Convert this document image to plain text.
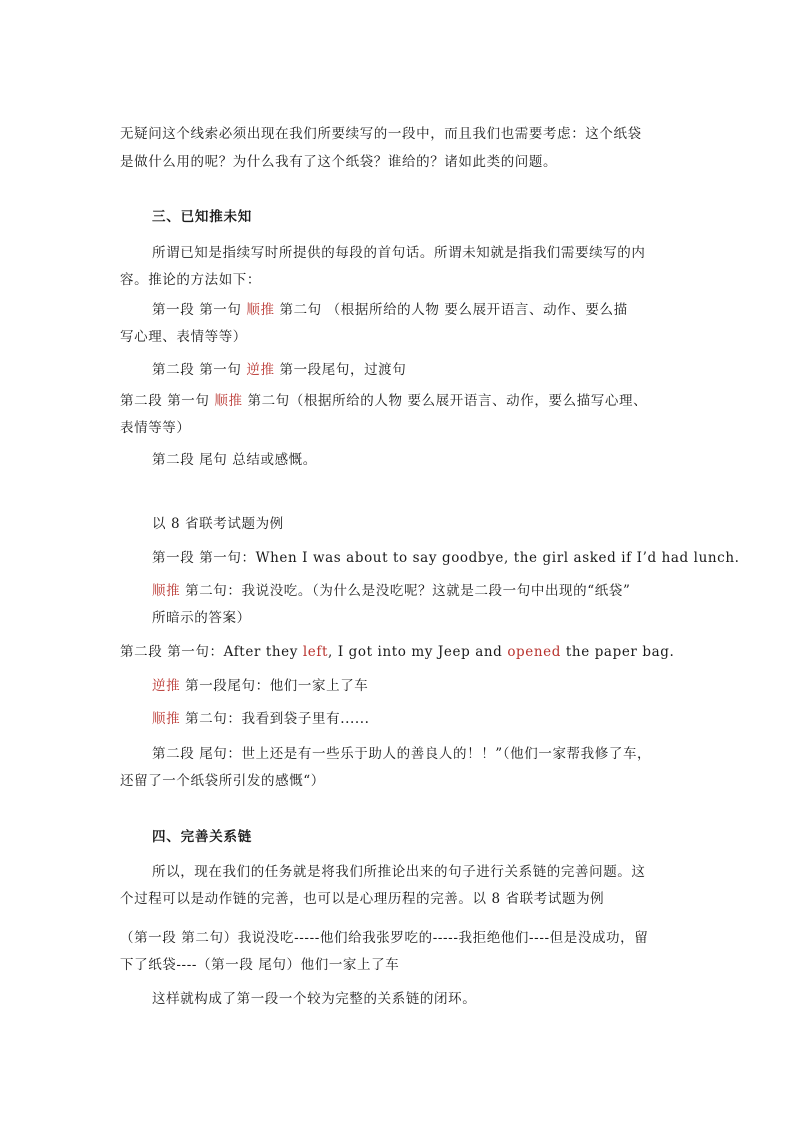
无疑问这个线索必须出现在我们所要续写的一段中，而且我们也需要考虑：这个纸袋
是做什么用的呢？为什么我有了这个纸袋？谁给的？诸如此类的问题。
三、已知推未知
所谓已知是指续写时所提供的每段的首句话。所谓未知就是指我们需要续写的内
容。推论的方法如下：
第一段 第一句 顺推 第二句 （根据所给的人物 要么展开语言、动作、要么描
写心理、表情等等）
第二段 第一句 逆推 第一段尾句，过渡句
第二段 第一句 顺推 第二句（根据所给的人物 要么展开语言、动作，要么描写心理、
表情等等）
第二段 尾句 总结或感慨。
以 8 省联考试题为例
第一段 第一句：When I was about to say goodbye, the girl asked if I’d had lunch.
顺推 第二句：我说没吃。（为什么是没吃呢？这就是二段一句中出现的“纸袋”
所暗示的答案）
第二段 第一句：After they left, I got into my Jeep and opened the paper bag.
逆推 第一段尾句：他们一家上了车
顺推 第二句：我看到袋子里有......
第二段 尾句：世上还是有一些乐于助人的善良人的！！”（他们一家帮我修了车，
还留了一个纸袋所引发的感慨“）
四、完善关系链
所以，现在我们的任务就是将我们所推论出来的句子进行关系链的完善问题。这
个过程可以是动作链的完善，也可以是心理历程的完善。以 8 省联考试题为例
（第一段 第二句）我说没吃-----他们给我张罗吃的-----我拒绝他们----但是没成功，留
下了纸袋----（第一段 尾句）他们一家上了车
这样就构成了第一段一个较为完整的关系链的闭环。
